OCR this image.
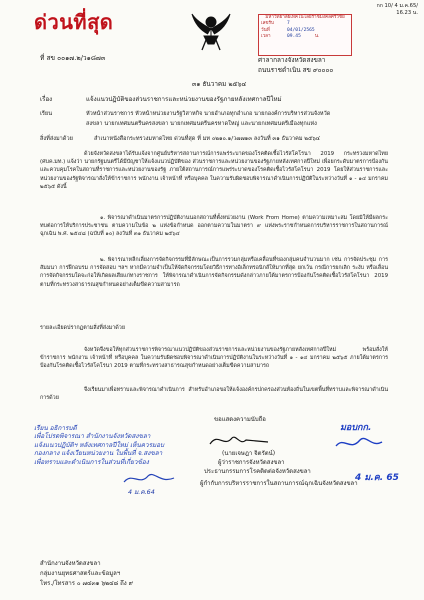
ด่วนที่สุด
กก 10/ 4 ม.ค.65/
16.23 น.
มหาวิทยาลัยเทคโนโลยีราชมงคลศรีวิชัย
เลขรับ	7
วันที่	04/01/2565
เวลา	09.45	น.
ที่ สข ๐๐๑๗.๒/ว๑๘๗๓	ศาลากลางจังหวัดสงขลา
ถนนราชดำเนิน สข ๙๐๐๐๐
๓๑ ธันวาคม ๒๕๖๔
เรื่อง	แจ้งแนวปฏิบัติของส่วนราชการและหน่วยงานของรัฐภายหลังเทศกาลปีใหม่
เรียน	หัวหน้าส่วนราชการ หัวหน้าหน่วยงานรัฐวิสาหกิจ นายอำเภอทุกอำเภอ นายกองค์การบริหารส่วนจังหวัด
สงขลา นายกเทศมนตรีนครสงขลา นายกเทศมนตรีนครหาดใหญ่ และนายกเทศมนตรีเมืองทุกแห่ง
สิ่งที่ส่งมาด้วย	สำเนาหนังสือกระทรวงมหาดไทย ด่วนที่สุด ที่ มท ๐๒๑๐.๑/ว๗๗๑๓ ลงวันที่ ๓๑ ธันวาคม ๒๕๖๔
ด้วยจังหวัดสงขลาได้รับแจ้งจากศูนย์บริหารสถานการณ์การแพร่ระบาดของโรคติดเชื้อไวรัสโคโรนา 2019 กระทรวงมหาดไทย (ศบค.มท.) แจ้งว่า นายกรัฐมนตรีได้มีบัญชาให้แจ้งแนวปฏิบัติของ ส่วนราชการและหน่วยงานของรัฐภายหลังเทศกาลปีใหม่ เพื่อยกระดับมาตรการป้องกันและควบคุมโรคในสถานที่ราชการและหน่วยงานของรัฐ ภายใต้สถานการณ์การแพร่ระบาดของโรคติดเชื้อไวรัสโคโรนา 2019 โดยให้ส่วนราชการและหน่วยงานของรัฐพิจารณาสั่งให้ข้าราชการ พนักงาน เจ้าหน้าที่ หรือบุคคล ในความรับผิดชอบพิจารณาดำเนินการปฏิบัติในระหว่างวันที่ ๑ - ๑๔ มกราคม ๒๕๖๕ ดังนี้
๑. พิจารณาดำเนินมาตรการปฏิบัติงานนอกสถานที่ตั้งหน่วยงาน (Work From Home) ตามความเหมาะสม โดยมิให้มีผลกระทบต่อการให้บริการประชาชน ตามความในข้อ ๒ แห่งข้อกำหนด ออกตามความในมาตรา ๙ แห่งพระราชกำหนดการบริหารราชการในสถานการณ์ฉุกเฉิน พ.ศ. ๒๕๔๘ (ฉบับที่ ๑๐) ลงวันที่ ๓๑ ธันวาคม ๒๕๖๔
๒. พิจารณาหลีกเลี่ยงการจัดกิจกรรมที่มีลักษณะเป็นการรวมกลุ่มหรือเคลื่อนที่ของกลุ่มคนจำนวนมาก เช่น การจัดประชุม การสัมมนา การฝึกอบรม การจัดสอบ ฯลฯ หากมีความจำเป็นให้จัดกิจกรรมโดยวิธีการทางอิเล็กทรอนิกส์ให้มากที่สุด ยกเว้น กรณีการยกเลิก ระงับ หรือเลื่อนการจัดกิจกรรมใดจะก่อให้เกิดผลเสียแก่ทางราชการ ให้พิจารณาดำเนินการจัดกิจกรรมดังกล่าวภายใต้มาตรการป้องกันโรคติดเชื้อไวรัสโคโรนา 2019 ตามที่กระทรวงสาธารณสุขกำหนดอย่างเต็มขีดความสามารถ
รายละเอียดปรากฏตามสิ่งที่ส่งมาด้วย
จังหวัดจึงขอให้ทุกส่วนราชการพิจารณาแนวปฏิบัติของส่วนราชการและหน่วยงานของรัฐภายหลังเทศกาลปีใหม่ พร้อมสั่งให้ข้าราชการ พนักงาน เจ้าหน้าที่ หรือบุคคล ในความรับผิดชอบพิจารณาดำเนินการปฏิบัติงานในระหว่างวันที่ ๑ - ๑๔ มกราคม ๒๕๖๕ ภายใต้มาตรการป้องกันโรคติดเชื้อไวรัสโคโรนา 2019 ตามที่กระทรวงสาธารณสุขกำหนดอย่างเต็มขีดความสามารถ
จึงเรียนมาเพื่อทราบและพิจารณาดำเนินการ สำหรับอำเภอขอให้แจ้งองค์กรปกครองส่วนท้องถิ่นในเขตพื้นที่ทราบและพิจารณาดำเนินการด้วย
ขอแสดงความนับถือ
(นายเจษฎา จิตรัตน์)
ผู้ว่าราชการจังหวัดสงขลา
ประธานกรรมการโรคติดต่อจังหวัดสงขลา
มอบกก.
4 ม.ค. 65
เรียน อธิการบดี
เพื่อโปรดพิจารณา สำนักงานจังหวัดสงขลา
แจ้งแนวปฏิบัติฯ หลังเทศกาลปีใหม่ เห็นควรมอบ
กองกลาง แจ้งเวียนหน่วยงาน ในพื้นที่ จ.สงขลา
เพื่อทราบและดำเนินการในส่วนที่เกี่ยวข้อง
4 ม.ค.64
สำนักงานจังหวัดสงขลา
กลุ่มงานยุทธศาสตร์และข้อมูลฯ
โทร./โทรสาร ๐ ๗๔๓๑ ๖๒๔๘ ถึง ๙
ผู้กำกับการบริหารราชการในสถานการณ์ฉุกเฉินจังหวัดสงขลา
